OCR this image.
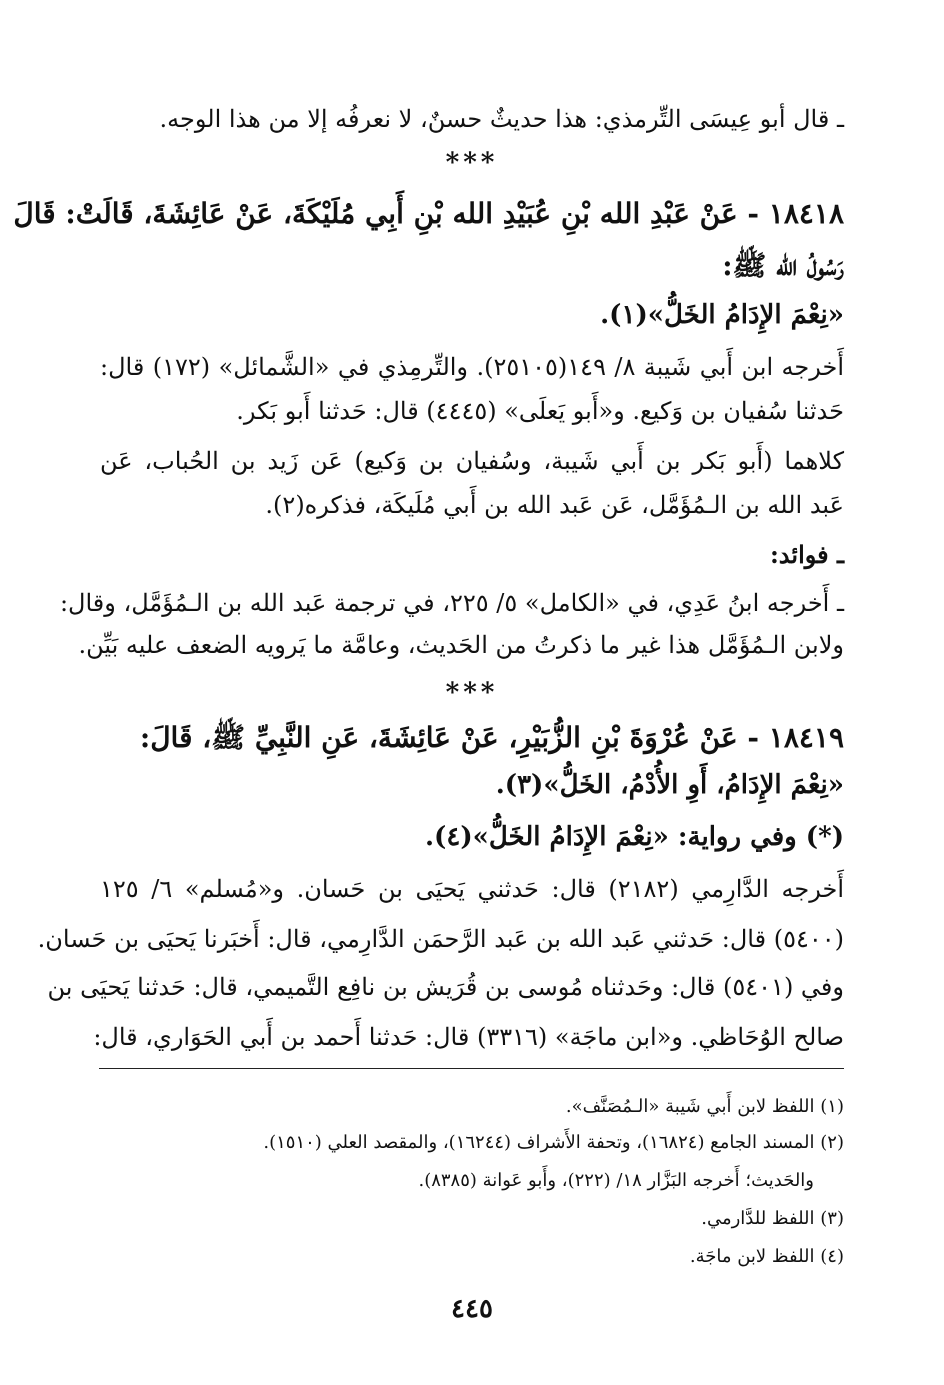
ـ قال أبو عِيسَى التِّرمذي: هذا حديثٌ حسنٌ، لا نعرفُه إلا من هذا الوجه.
***
١٨٤١٨ - عَنْ عَبْدِ الله بْنِ عُبَيْدِ الله بْنِ أَبِي مُلَيْكَةَ، عَنْ عَائِشَةَ، قَالَتْ: قَالَ
رَسُولُ الله ﷺ:
«نِعْمَ الإِدَامُ الخَلُّ»(١).
أَخرجه ابن أَبي شَيبة ٨/ ١٤٩(٢٥١٠٥). والتِّرمِذي في «الشَّمائل» (١٧٢) قال:
حَدثنا سُفيان بن وَكيع. و«أَبو يَعلَى» (٤٤٤٥) قال: حَدثنا أَبو بَكر.
كلاهما (أَبو بَكر بن أَبي شَيبة، وسُفيان بن وَكيع) عَن زَيد بن الحُباب، عَن
عَبد الله بن الـمُؤَمَّل، عَن عَبد الله بن أَبي مُلَيكَة، فذكره(٢).
ـ فوائد:
ـ أَخرجه ابنُ عَدِي، في «الكامل» ٥/ ٢٢٥، في ترجمة عَبد الله بن الـمُؤَمَّل، وقال:
ولابن الـمُؤَمَّل هذا غير ما ذكرتُ من الحَديث، وعامَّة ما يَرويه الضعف عليه بَيِّن.
***
١٨٤١٩ - عَنْ عُرْوَةَ بْنِ الزُّبَيْرِ، عَنْ عَائِشَةَ، عَنِ النَّبِيِّ ﷺ، قَالَ:
«نِعْمَ الإِدَامُ، أَوِ الأُدْمُ، الخَلُّ»(٣).
(*) وفي رواية: «نِعْمَ الإِدَامُ الخَلُّ»(٤).
أَخرجه الدَّارِمي (٢١٨٢) قال: حَدثني يَحيَى بن حَسان. و«مُسلم» ٦/ ١٢٥
(٥٤٠٠) قال: حَدثني عَبد الله بن عَبد الرَّحمَن الدَّارِمي، قال: أَخبَرنا يَحيَى بن حَسان.
وفي (٥٤٠١) قال: وحَدثناه مُوسى بن قُرَيش بن نافِع التَّميمي، قال: حَدثنا يَحيَى بن
صالح الوُحَاظي. و«ابن ماجَة» (٣٣١٦) قال: حَدثنا أَحمد بن أَبي الحَوَاري، قال:
(١) اللفظ لابن أَبي شَيبة «الـمُصَنَّف».
(٢) المسند الجامع (١٦٨٢٤)، وتحفة الأَشراف (١٦٢٤٤)، والمقصد العلي (١٥١٠).
والحَديث؛ أَخرجه البَزَّار ١٨/ (٢٢٢)، وأَبو عَوانة (٨٣٨٥).
(٣) اللفظ للدَّارمي.
(٤) اللفظ لابن ماجَة.
٤٤٥
